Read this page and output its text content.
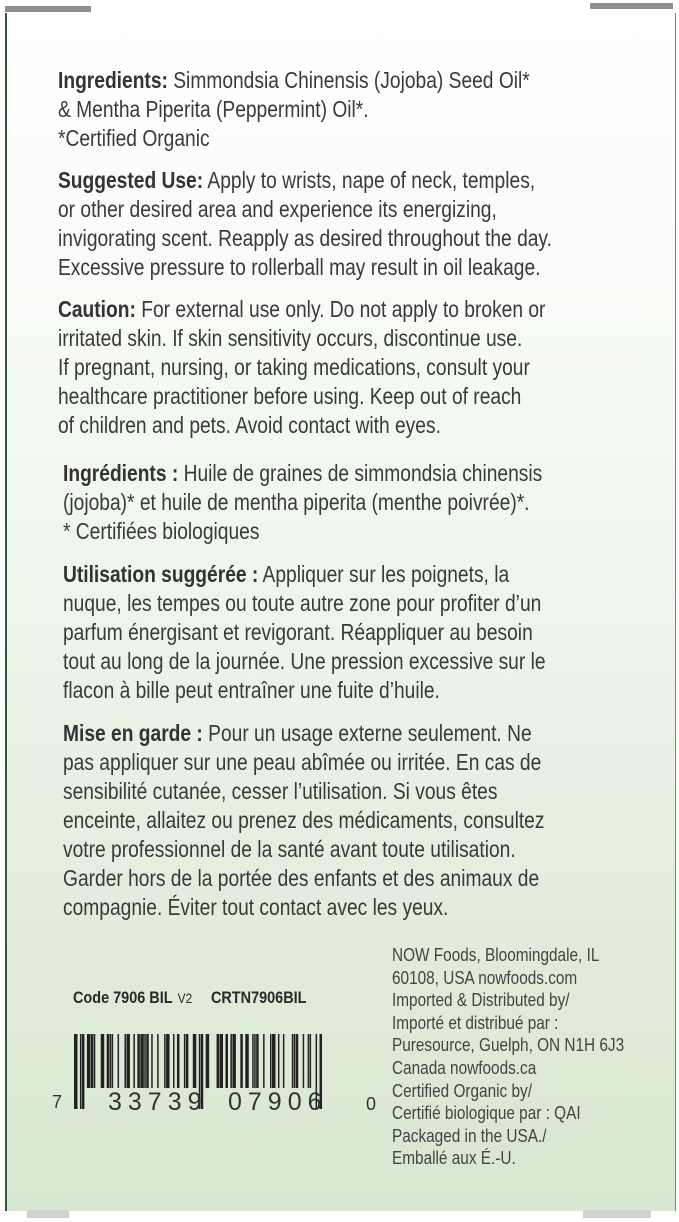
Ingredients: Simmondsia Chinensis (Jojoba) Seed Oil*
& Mentha Piperita (Peppermint) Oil*.
*Certified Organic
Suggested Use: Apply to wrists, nape of neck, temples,
or other desired area and experience its energizing,
invigorating scent. Reapply as desired throughout the day.
Excessive pressure to rollerball may result in oil leakage.
Caution: For external use only. Do not apply to broken or
irritated skin. If skin sensitivity occurs, discontinue use.
If pregnant, nursing, or taking medications, consult your
healthcare practitioner before using. Keep out of reach
of children and pets. Avoid contact with eyes.
Ingrédients : Huile de graines de simmondsia chinensis
(jojoba)* et huile de mentha piperita (menthe poivrée)*.
* Certifiées biologiques
Utilisation suggérée : Appliquer sur les poignets, la
nuque, les tempes ou toute autre zone pour profiter d’un
parfum énergisant et revigorant. Réappliquer au besoin
tout au long de la journée. Une pression excessive sur le
flacon à bille peut entraîner une fuite d’huile.
Mise en garde : Pour un usage externe seulement. Ne
pas appliquer sur une peau abîmée ou irritée. En cas de
sensibilité cutanée, cesser l’utilisation. Si vous êtes
enceinte, allaitez ou prenez des médicaments, consultez
votre professionnel de la santé avant toute utilisation.
Garder hors de la portée des enfants et des animaux de
compagnie. Éviter tout contact avec les yeux.
Code 7906 BIL V2 CRTN7906BIL
7 33739 07906 0
NOW Foods, Bloomingdale, IL
60108, USA nowfoods.com
Imported & Distributed by/
Importé et distribué par :
Puresource, Guelph, ON N1H 6J3
Canada nowfoods.ca
Certified Organic by/
Certifié biologique par : QAI
Packaged in the USA./
Emballé aux É.-U.
